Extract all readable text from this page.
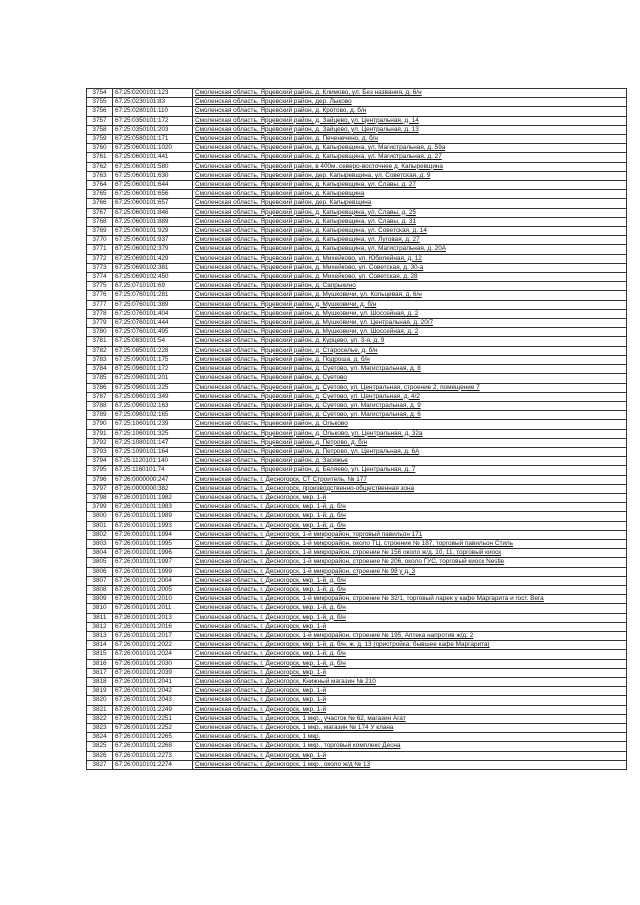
3754	67:25:0200101:123	Смоленская область, Ярцевский район, д. Климово, ул. Без названия, д. 6/н
3755	67:25:0230101:83	Смоленская область, Ярцевский район, дер. Лыково
3756	67:25:0280101:110	Смоленская область, Ярцевский район, д. Кротово, д. б/н
3757	67:25:0350101:172	Смоленская область, Ярцевский район, д. Зайцево, ул. Центральная, д. 14
3758	67:25:0350101:203	Смоленская область, Ярцевский район, д. Зайцево, ул. Центральная, д. 13
3759	67:25:0580101:171	Смоленская область, Ярцевский район, д. Печенечено, д. б/н
3760	67:25:0600101:1020	Смоленская область, Ярцевский район, д. Капыревщина, ул. Магистральная, д. 59а
3761	67:25:0600101:441	Смоленская область, Ярцевский район, д. Капыревщина, ул. Магистральная, д. 27
3762	67:25:0600101:580	Смоленская область, Ярцевский район, в 400м. северо-восточнее д. Капыревщина
3763	67:25:0600101:630	Смоленская область, Ярцевский район, дер. Капыревщина, ул. Советская, д. 9
3764	67:25:0600101:644	Смоленская область, Ярцевский район, д. Капыревщина, ул. Славы, д. 27
3765	67:25:0600101:656	Смоленская область, Ярцевский район, д. Капыревщина
3766	67:25:0600101:657	Смоленская область, Ярцевский район, дер. Капыревщина
3767	67:25:0600101:846	Смоленская область, Ярцевский район, д. Капыревщина, ул. Славы, д. 25
3768	67:25:0600101:889	Смоленская область, Ярцевский район, д. Капыревщина, ул. Славы, д. 31
3769	67:25:0600101:929	Смоленская область, Ярцевский район, д. Капыревщина, ул. Советская, д. 14
3770	67:25:0600101:937	Смоленская область, Ярцевский район, д. Капыревщина, ул. Луговая, д. 27
3771	67:25:0600102:379	Смоленская область, Ярцевский район, д. Капыревщина, ул. Магистральная, д. 20А
3772	67:25:0690101:429	Смоленская область, Ярцевский район, д. Михейково, ул. Юбилейная, д. 12
3773	67:25:0690102:381	Смоленская область, Ярцевский район, д. Михейково, ул. Советская, д. 30-а
3774	67:25:0690102:450	Смоленская область, Ярцевский район, д. Михейково, ул. Советская, д. 28
3775	67:25:0710101:69	Смоленская область, Ярцевский район, д. Сапрыкино
3776	67:25:0760101:281	Смоленская область, Ярцевский район, д. Мушковичи, ул. Кольцевая, д. 6/н
3777	67:25:0760101:389	Смоленская область, Ярцевский район, д. Мушковичи, д. б/н
3778	67:25:0760101:404	Смоленская область, Ярцевский район, д. Мушковичи, ул. Шоссейная, д. 2
3779	67:25:0760101:444	Смоленская область, Ярцевский район, д. Мушковичи, ул. Центральная, д. 20/7
3780	67:25:0760101:495	Смоленская область, Ярцевский район, д. Мушковичи, ул. Шоссейная, д. 2
3781	67:25:0830101:54	Смоленская область, Ярцевский район, д. Курцево, ул. 3-я, д. 9
3782	67:25:0850101:228	Смоленская область, Ярцевский район, д. Староселье, д. б/н
3783	67:25:0900101:175	Смоленская область, Ярцевский район, д. Подроша, д. б/н
3784	67:25:0960101:172	Смоленская область, Ярцевский район, д. Суетово, ул. Магистральная, д. 8
3785	67:25:0960101:201	Смоленская область, Ярцевский район, д. Суетово
3786	67:25:0960101:225	Смоленская область, Ярцевский район, д. Суетово, ул. Центральная, строение 2, помещение 7
3787	67:25:0960101:349	Смоленская область, Ярцевский район, д. Суетово, ул. Центральная, д. 4/2
3788	67:25:0960102:163	Смоленская область, Ярцевский район, д. Суетово, ул. Магистральная, д. 9
3789	67:25:0960102:165	Смоленская область, Ярцевский район, д. Суетово, ул. Магистральная, д. 6
3790	67:25:1060101:239	Смоленская область, Ярцевский район, д. Ольково
3791	67:25:1060101:325	Смоленская область, Ярцевский район, д. Ольково, ул. Центральная, д. 32а
3792	67:25:1080101:147	Смоленская область, Ярцевский район, д. Петрово, д. б/н
3793	67:25:1090101:164	Смоленская область, Ярцевский район, д. Петрово, ул. Центральная, д. 6А
3794	67:25:1120101:140	Смоленская область, Ярцевский район, д. Засижье
3795	67:25:1160101:74	Смоленская область, Ярцевский район, д. Беляево, ул. Центральная, д. 7
3796	67:26:0000000:247	Смоленская область, г. Десногорск, СТ Строитель, № 177
3797	67:26:0000000:382	Смоленская область, г. Десногорск, производственно-общественная зона
3798	67:26:0010101:1982	Смоленская область, г. Десногорск, мкр. 1-й
3799	67:26:0010101:1983	Смоленская область, г. Десногорск, мкр. 1-й, д. б/н
3800	67:26:0010101:1989	Смоленская область, г. Десногорск, мкр. 1-й, д. б/н
3801	67:26:0010101:1993	Смоленская область, г. Десногорск, мкр. 1-й, д. б/н
3802	67:26:0010101:1994	Смоленская область, г. Десногорск, 1-й микрорайон, торговый павильон 171
3803	67:26:0010101:1995	Смоленская область, г. Десногорск, 1-й микрорайон, около ТЦ, строение № 187, торговый павильон Стиль
3804	67:26:0010101:1996	Смоленская область, г. Десногорск, 1-й микрорайон, строение № 156 около ж/д. 10, 11, торговый киоск
3805	67:26:0010101:1997	Смоленская область, г. Десногорск, 1-й микрорайон, строение № 206, около ГУС, торговый киоск Nestle
3806	67:26:0010101:1999	Смоленская область, г. Десногорск, 1-й микрорайон, строение № 98 у д. 3
3807	67:26:0010101:2004	Смоленская область, г. Десногорск, мкр. 1-й, д. б/н
3808	67:26:0010101:2005	Смоленская область, г. Десногорск, мкр. 1-й, д. б/н
3809	67:26:0010101:2010	Смоленская область, г. Десногорск, 1-й микрорайон, строение № 32/1, торговый ларек у кафе Маргарита и гост. Вега
3810	67:26:0010101:2011	Смоленская область, г. Десногорск, мкр. 1-й, д. б/н
3811	67:26:0010101:2013	Смоленская область, г. Десногорск, мкр. 1-й, д. б/н
3812	67:26:0010101:2016	Смоленская область, г. Десногорск, мкр. 1-й
3813	67:26:0010101:2017	Смоленская область, г. Десногорск, 1-й микрорайон, строение № 195, Аптека напротив ж/д. 2
3814	67:26:0010101:2022	Смоленская область, г. Десногорск, мкр. 1-й, д. б/н, ж. д. 13 (пристройка. бывшее кафе Маргарита)
3815	67:26:0010101:2024	Смоленская область, г. Десногорск, мкр. 1-й, д. б/н
3816	67:26:0010101:2030	Смоленская область, г. Десногорск, мкр. 1-й, д. б/н
3817	67:26:0010101:2039	Смоленская область, г. Десногорск, мкр. 1-й
3818	67:26:0010101:2041	Смоленская область, г. Десногорск, Книжный магазин № 210
3819	67:26:0010101:2042	Смоленская область, г. Десногорск, мкр. 1-й
3820	67:26:0010101:2043	Смоленская область, г. Десногорск, мкр. 1-й
3821	67:26:0010101:2249	Смоленская область, г. Десногорск, мкр. 1-й
3822	67:26:0010101:2251	Смоленская область, г. Десногорск, 1 мкр., участок № 62, магазин Агат
3823	67:26:0010101:2252	Смоленская область, г. Десногорск, 1 мкр., магазин № 174 У клана
3824	67:26:0010101:2265	Смоленская область, г. Десногорск, 1 мкр.
3825	67:26:0010101:2268	Смоленская область, г. Десногорск, 1 мкр., торговый комплекс Десна
3826	67:26:0010101:2273	Смоленская область, г. Десногорск, мкр. 1-й
3827	67:26:0010101:2274	Смоленская область, г. Десногорск, 1 мкр., около ж/д № 13
